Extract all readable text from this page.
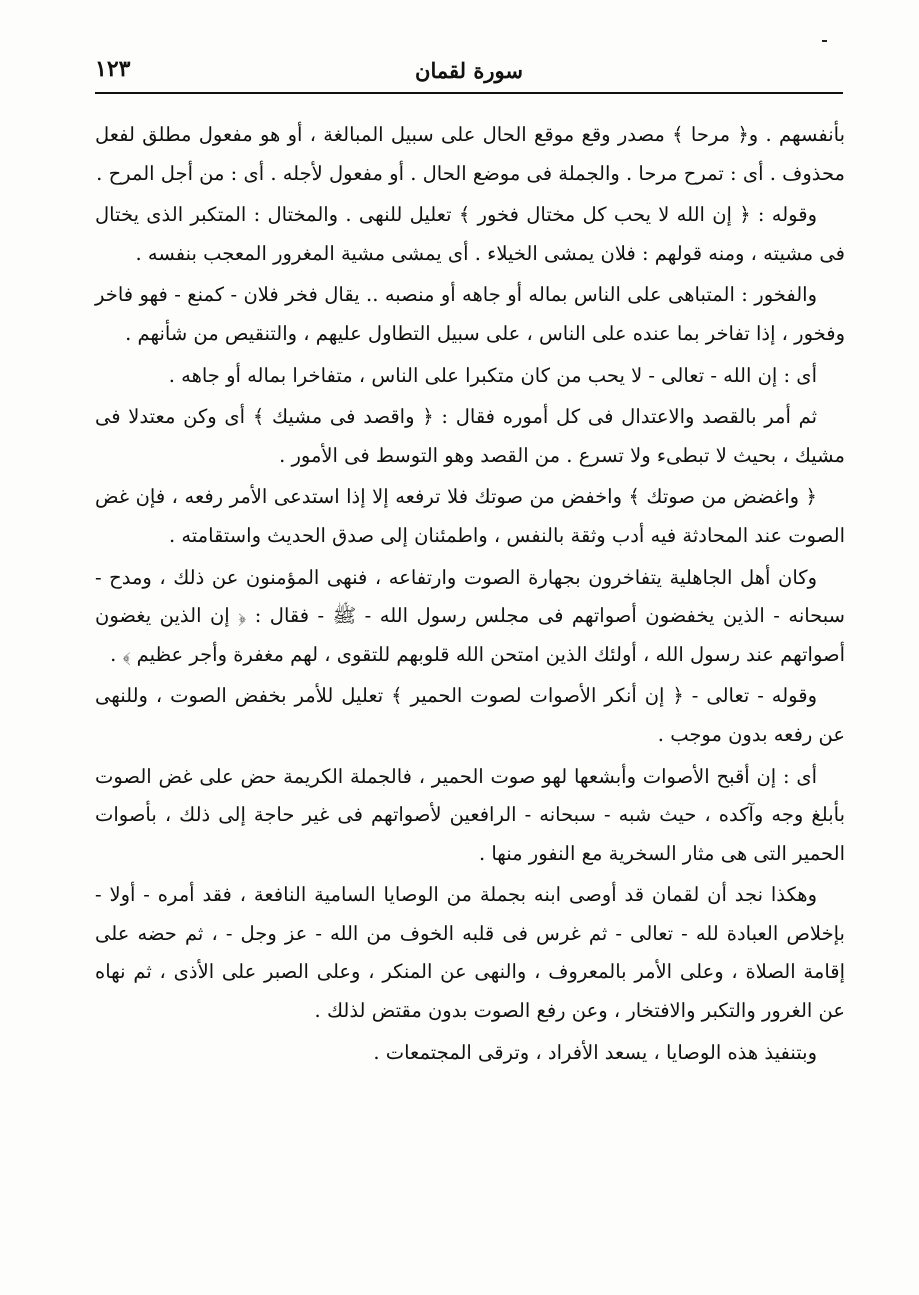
سورة لقمان
١٢٣

بأنفسهم . و﴿ مرحا ﴾ مصدر وقع موقع الحال على سبيل المبالغة ، أو هو مفعول مطلق لفعل محذوف . أى : تمرح مرحا . والجملة فى موضع الحال . أو مفعول لأجله . أى : من أجل المرح .

وقوله : ﴿ إن الله لا يحب كل مختال فخور ﴾ تعليل للنهى . والمختال : المتكبر الذى يختال فى مشيته ، ومنه قولهم : فلان يمشى الخيلاء . أى يمشى مشية المغرور المعجب بنفسه .

والفخور : المتباهى على الناس بماله أو جاهه أو منصبه .. يقال فخر فلان - كمنع - فهو فاخر وفخور ، إذا تفاخر بما عنده على الناس ، على سبيل التطاول عليهم ، والتنقيص من شأنهم .

أى : إن الله - تعالى - لا يحب من كان متكبرا على الناس ، متفاخرا بماله أو جاهه .

ثم أمر بالقصد والاعتدال فى كل أموره فقال : ﴿ واقصد فى مشيك ﴾ أى وكن معتدلا فى مشيك ، بحيث لا تبطىء ولا تسرع . من القصد وهو التوسط فى الأمور .

﴿ واغضض من صوتك ﴾ واخفض من صوتك فلا ترفعه إلا إذا استدعى الأمر رفعه ، فإن غض الصوت عند المحادثة فيه أدب وثقة بالنفس ، واطمئنان إلى صدق الحديث واستقامته .

وكان أهل الجاهلية يتفاخرون بجهارة الصوت وارتفاعه ، فنهى المؤمنون عن ذلك ، ومدح - سبحانه - الذين يخفضون أصواتهم فى مجلس رسول الله - ﷺ - فقال : ﴿ إن الذين يغضون أصواتهم عند رسول الله ، أولئك الذين امتحن الله قلوبهم للتقوى ، لهم مغفرة وأجر عظيم ﴾ .

وقوله - تعالى - ﴿ إن أنكر الأصوات لصوت الحمير ﴾ تعليل للأمر بخفض الصوت ، وللنهى عن رفعه بدون موجب .

أى : إن أقبح الأصوات وأبشعها لهو صوت الحمير ، فالجملة الكريمة حض على غض الصوت بأبلغ وجه وآكده ، حيث شبه - سبحانه - الرافعين لأصواتهم فى غير حاجة إلى ذلك ، بأصوات الحمير التى هى مثار السخرية مع النفور منها .

وهكذا نجد أن لقمان قد أوصى ابنه بجملة من الوصايا السامية النافعة ، فقد أمره - أولا - بإخلاص العبادة لله - تعالى - ثم غرس فى قلبه الخوف من الله - عز وجل - ، ثم حضه على إقامة الصلاة ، وعلى الأمر بالمعروف ، والنهى عن المنكر ، وعلى الصبر على الأذى ، ثم نهاه عن الغرور والتكبر والافتخار ، وعن رفع الصوت بدون مقتض لذلك .

وبتنفيذ هذه الوصايا ، يسعد الأفراد ، وترقى المجتمعات .
